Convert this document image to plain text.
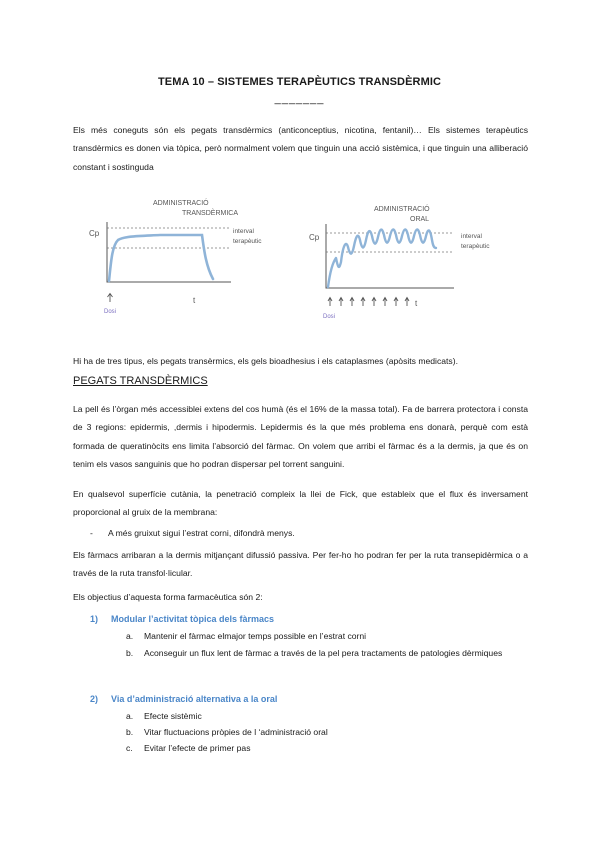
TEMA 10 – SISTEMES TERAPÈUTICS TRANSDÈRMIC
_______
Els més coneguts són els pegats transdèrmics (anticonceptius, nicotina, fentanil)… Els sistemes terapèutics transdèrmics es donen via tòpica, però normalment volem que tinguin una acció sistèmica, i que tinguin una alliberació constant i sostinguda
ADMINISTRACIÓ
TRANSDÈRMICA
Cp	interval
terapèutic
Dosi
t
ADMINISTRACIÓ
ORAL
Cp	interval
terapèutic
Dosi
t
Hi ha de tres tipus, els pegats transèrmics, els gels bioadhesius i els cataplasmes (apòsits medicats).
PEGATS TRANSDÈRMICS
La pell és l’òrgan més accessiblei extens del cos humà (és el 16% de la massa total). Fa de barrera protectora i consta de 3 regions: epidermis, ,dermis i hipodermis. Lepidermis és la que més problema ens donarà, perquè com està formada de queratinòcits ens limita l’absorció del fàrmac. On volem que arribi el fàrmac és a la dermis, ja que és on tenim els vasos sanguinis que ho podran dispersar pel torrent sanguini.
En qualsevol superfície cutània, la penetració compleix la llei de Fick, que estableix que el flux és inversament proporcional al gruix de la membrana:
- A més gruixut sigui l’estrat corni, difondrà menys.
Els fàrmacs arribaran a la dermis mitjançant difussió passiva. Per fer-ho ho podran fer per la ruta transepidèrmica o a través de la ruta transfol·licular.
Els objectius d’aquesta forma farmacèutica són 2:
1) Modular l’activitat tòpica dels fàrmacs
a. Mantenir el fàrmac elmajor temps possible en l’estrat corni
b. Aconseguir un flux lent de fàrmac a través de la pel pera tractaments de patologies dèrmiques
2) Via d’administració alternativa a la oral
a. Efecte sistèmic
b. Vitar fluctuacions pròpies de l ‘administració oral
c. Evitar l’efecte de primer pas
